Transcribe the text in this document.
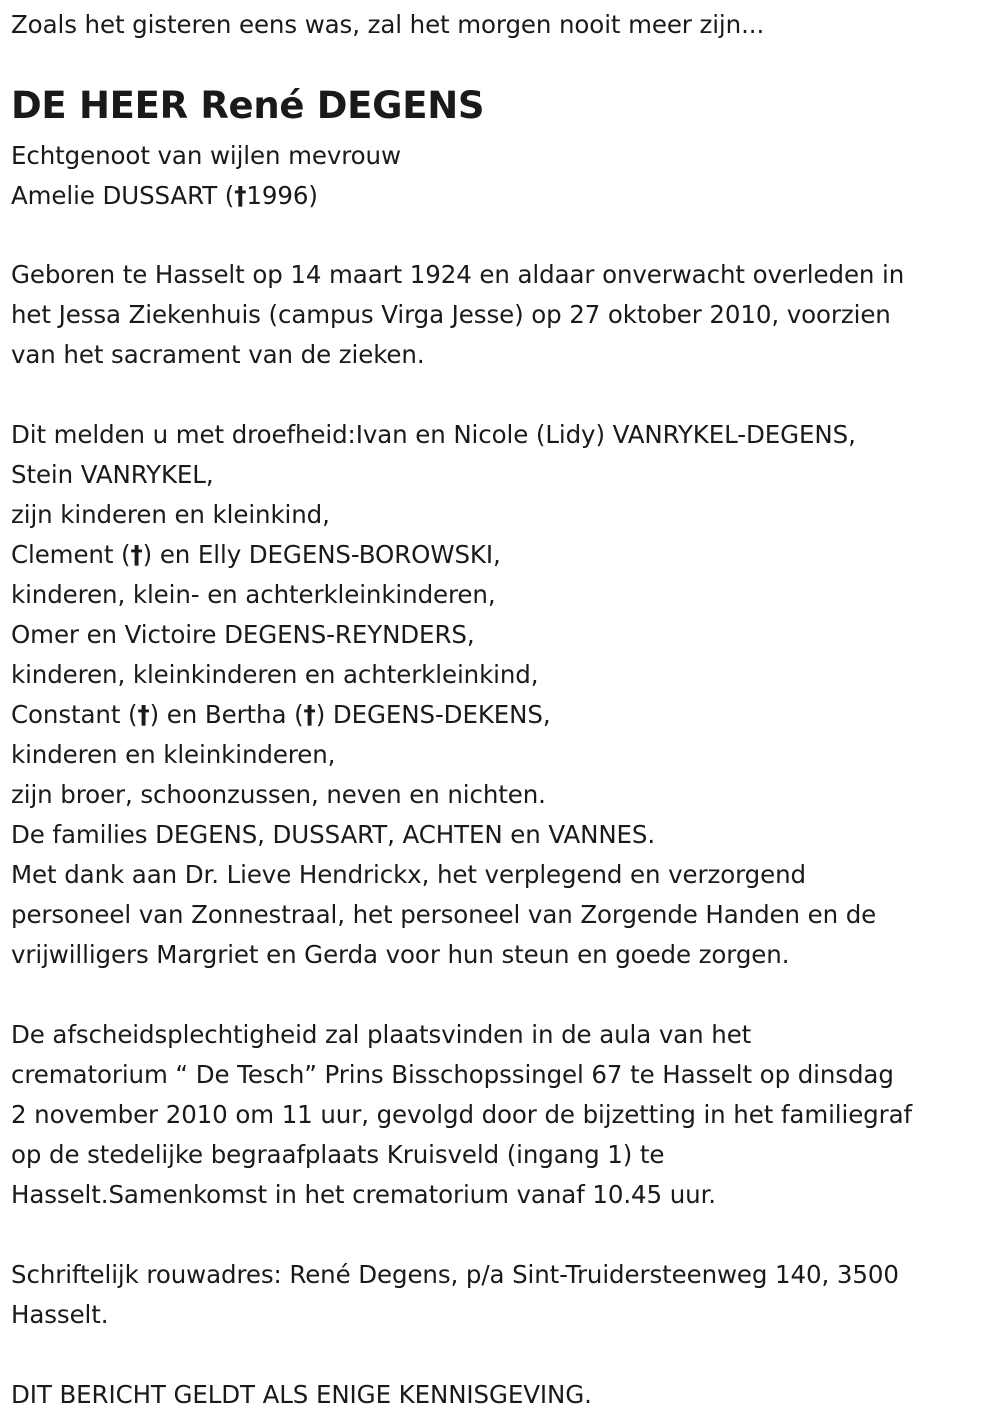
Zoals het gisteren eens was, zal het morgen nooit meer zijn...
DE HEER René DEGENS
Echtgenoot van wijlen mevrouw
Amelie DUSSART (†1996)
Geboren te Hasselt op 14 maart 1924 en aldaar onverwacht overleden in
het Jessa Ziekenhuis (campus Virga Jesse) op 27 oktober 2010, voorzien
van het sacrament van de zieken.
Dit melden u met droefheid:Ivan en Nicole (Lidy) VANRYKEL-DEGENS,
Stein VANRYKEL,
zijn kinderen en kleinkind,
Clement (†) en Elly DEGENS-BOROWSKI,
kinderen, klein- en achterkleinkinderen,
Omer en Victoire DEGENS-REYNDERS,
kinderen, kleinkinderen en achterkleinkind,
Constant (†) en Bertha (†) DEGENS-DEKENS,
kinderen en kleinkinderen,
zijn broer, schoonzussen, neven en nichten.
De families DEGENS, DUSSART, ACHTEN en VANNES.
Met dank aan Dr. Lieve Hendrickx, het verplegend en verzorgend
personeel van Zonnestraal, het personeel van Zorgende Handen en de
vrijwilligers Margriet en Gerda voor hun steun en goede zorgen.
De afscheidsplechtigheid zal plaatsvinden in de aula van het
crematorium “ De Tesch” Prins Bisschopssingel 67 te Hasselt op dinsdag
2 november 2010 om 11 uur, gevolgd door de bijzetting in het familiegraf
op de stedelijke begraafplaats Kruisveld (ingang 1) te
Hasselt.Samenkomst in het crematorium vanaf 10.45 uur.
Schriftelijk rouwadres: René Degens, p/a Sint-Truidersteenweg 140, 3500
Hasselt.
DIT BERICHT GELDT ALS ENIGE KENNISGEVING.
